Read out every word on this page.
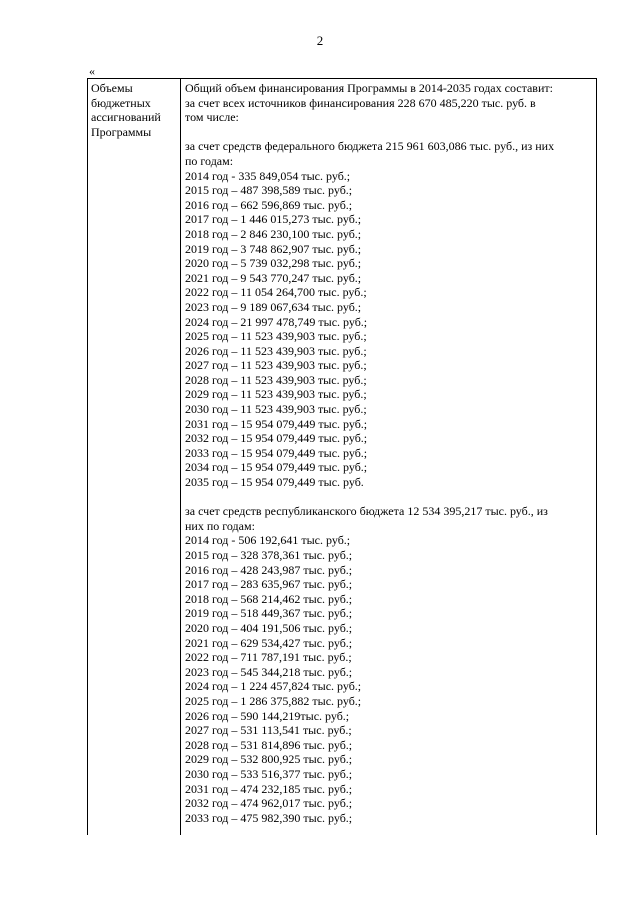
2
«
Объемы
бюджетных
ассигнований
Программы
Общий объем финансирования Программы в 2014-2035 годах составит:
за счет всех источников финансирования 228 670 485,220 тыс. руб. в
том числе:
за счет средств федерального бюджета 215 961 603,086 тыс. руб., из них
по годам:
2014 год - 335 849,054 тыс. руб.;
2015 год – 487 398,589 тыс. руб.;
2016 год – 662 596,869 тыс. руб.;
2017 год – 1 446 015,273 тыс. руб.;
2018 год – 2 846 230,100 тыс. руб.;
2019 год – 3 748 862,907 тыс. руб.;
2020 год – 5 739 032,298 тыс. руб.;
2021 год – 9 543 770,247 тыс. руб.;
2022 год – 11 054 264,700 тыс. руб.;
2023 год – 9 189 067,634 тыс. руб.;
2024 год – 21 997 478,749 тыс. руб.;
2025 год – 11 523 439,903 тыс. руб.;
2026 год – 11 523 439,903 тыс. руб.;
2027 год – 11 523 439,903 тыс. руб.;
2028 год – 11 523 439,903 тыс. руб.;
2029 год – 11 523 439,903 тыс. руб.;
2030 год – 11 523 439,903 тыс. руб.;
2031 год – 15 954 079,449 тыс. руб.;
2032 год – 15 954 079,449 тыс. руб.;
2033 год – 15 954 079,449 тыс. руб.;
2034 год – 15 954 079,449 тыс. руб.;
2035 год – 15 954 079,449 тыс. руб.
за счет средств республиканского бюджета 12 534 395,217 тыс. руб., из
них по годам:
2014 год - 506 192,641 тыс. руб.;
2015 год – 328 378,361 тыс. руб.;
2016 год – 428 243,987 тыс. руб.;
2017 год – 283 635,967 тыс. руб.;
2018 год – 568 214,462 тыс. руб.;
2019 год – 518 449,367 тыс. руб.;
2020 год – 404 191,506 тыс. руб.;
2021 год – 629 534,427 тыс. руб.;
2022 год – 711 787,191 тыс. руб.;
2023 год – 545 344,218 тыс. руб.;
2024 год – 1 224 457,824 тыс. руб.;
2025 год – 1 286 375,882 тыс. руб.;
2026 год – 590 144,219тыс. руб.;
2027 год – 531 113,541 тыс. руб.;
2028 год – 531 814,896 тыс. руб.;
2029 год – 532 800,925 тыс. руб.;
2030 год – 533 516,377 тыс. руб.;
2031 год – 474 232,185 тыс. руб.;
2032 год – 474 962,017 тыс. руб.;
2033 год – 475 982,390 тыс. руб.;
